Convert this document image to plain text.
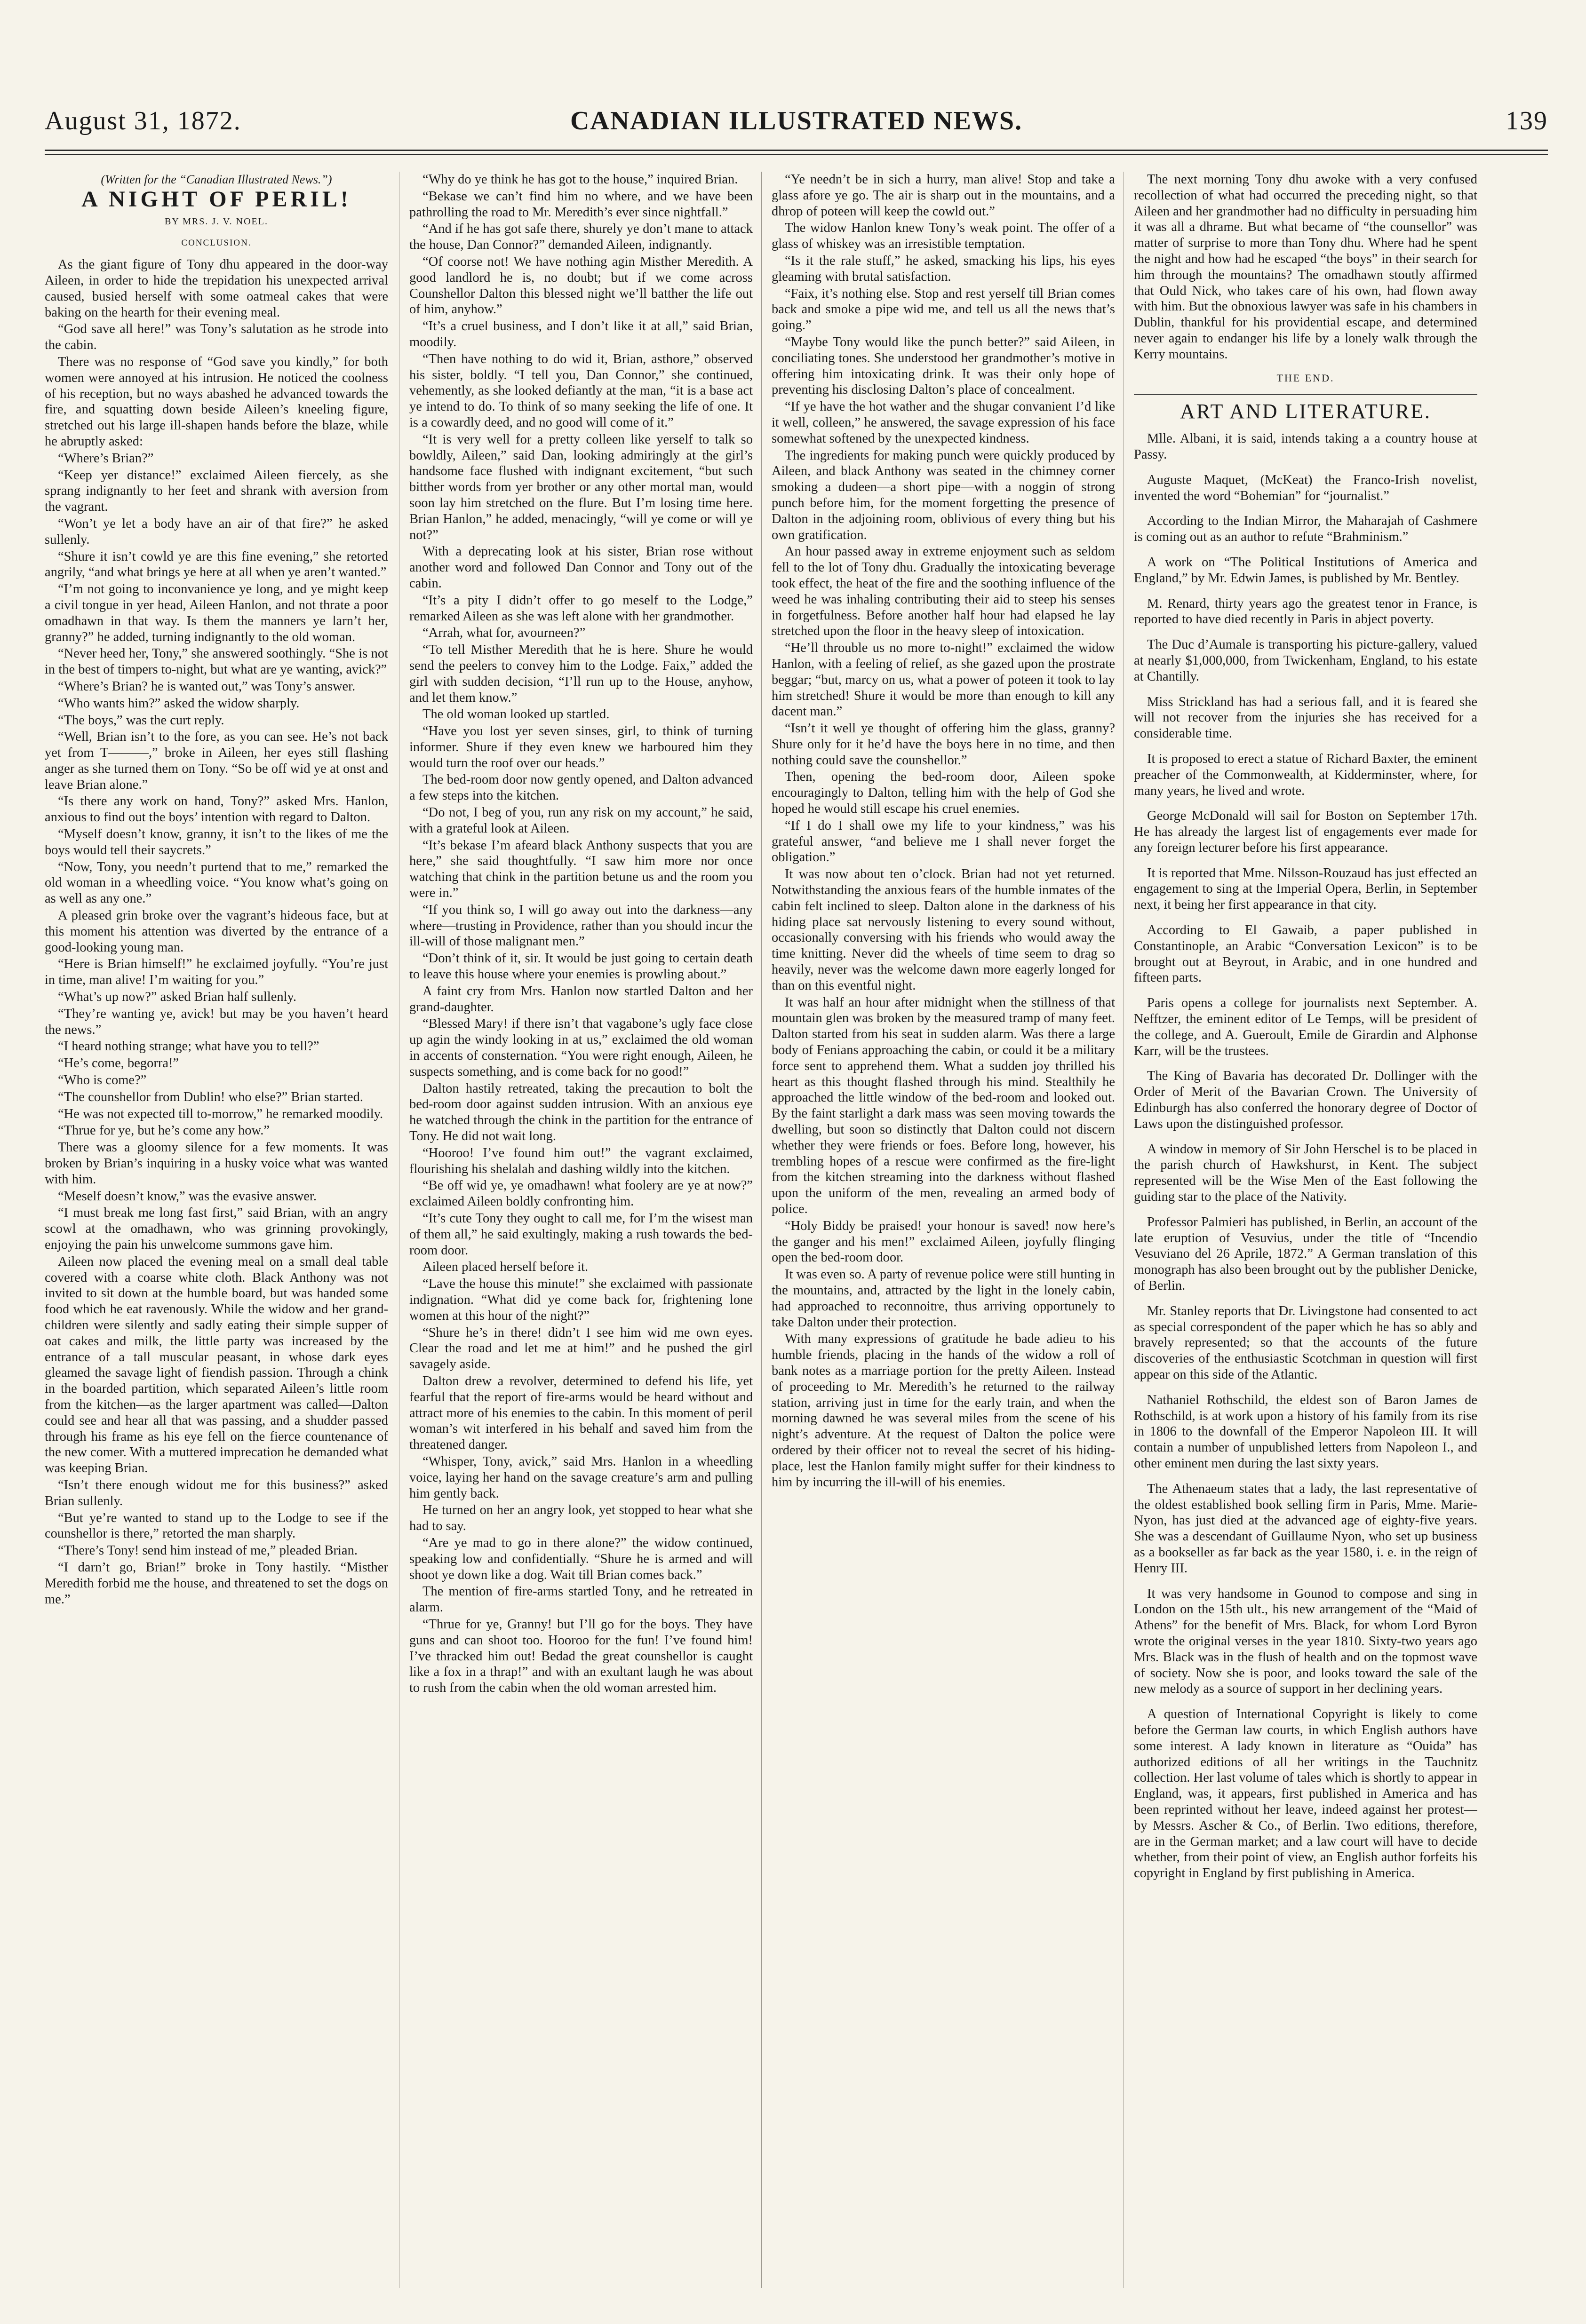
August 31, 1872.	CANADIAN ILLUSTRATED NEWS.	139
(Written for the “Canadian Illustrated News.”)
A NIGHT OF PERIL!
BY MRS. J. V. NOEL.
CONCLUSION.

As the giant figure of Tony dhu appeared in the door-way Aileen, in order to hide the trepidation his unexpected arrival caused, busied herself with some oatmeal cakes that were baking on the hearth for their evening meal.

“God save all here!” was Tony’s salutation as he strode into the cabin.

There was no response of “God save you kindly,” for both women were annoyed at his intrusion. He noticed the coolness of his reception, but no ways abashed he advanced towards the fire, and squatting down beside Aileen’s kneeling figure, stretched out his large ill-shapen hands before the blaze, while he abruptly asked:

“Where’s Brian?”

“Keep yer distance!” exclaimed Aileen fiercely, as she sprang indignantly to her feet and shrank with aversion from the vagrant.

“Won’t ye let a body have an air of that fire?” he asked sullenly.

“Shure it isn’t cowld ye are this fine evening,” she retorted angrily, “and what brings ye here at all when ye aren’t wanted.”

“I’m not going to inconvanience ye long, and ye might keep a civil tongue in yer head, Aileen Hanlon, and not thrate a poor omadhawn in that way. Is them the manners ye larn’t her, granny?” he added, turning indignantly to the old woman.

“Never heed her, Tony,” she answered soothingly. “She is not in the best of timpers to-night, but what are ye wanting, avick?”

“Where’s Brian? he is wanted out,” was Tony’s answer.

“Who wants him?” asked the widow sharply.

“The boys,” was the curt reply.

“Well, Brian isn’t to the fore, as you can see. He’s not back yet from T———,” broke in Aileen, her eyes still flashing anger as she turned them on Tony. “So be off wid ye at onst and leave Brian alone.”

“Is there any work on hand, Tony?” asked Mrs. Hanlon, anxious to find out the boys’ intention with regard to Dalton.

“Myself doesn’t know, granny, it isn’t to the likes of me the boys would tell their saycrets.”

“Now, Tony, you needn’t purtend that to me,” remarked the old woman in a wheedling voice. “You know what’s going on as well as any one.”

A pleased grin broke over the vagrant’s hideous face, but at this moment his attention was diverted by the entrance of a good-looking young man.

“Here is Brian himself!” he exclaimed joyfully. “You’re just in time, man alive! I’m waiting for you.”

“What’s up now?” asked Brian half sullenly.

“They’re wanting ye, avick! but may be you haven’t heard the news.”

“I heard nothing strange; what have you to tell?”

“He’s come, begorra!”

“Who is come?”

“The counshellor from Dublin! who else?” Brian started.

“He was not expected till to-morrow,” he remarked moodily.

“Thrue for ye, but he’s come any how.”

There was a gloomy silence for a few moments. It was broken by Brian’s inquiring in a husky voice what was wanted with him.

“Meself doesn’t know,” was the evasive answer.

“I must break me long fast first,” said Brian, with an angry scowl at the omadhawn, who was grinning provokingly, enjoying the pain his unwelcome summons gave him.

Aileen now placed the evening meal on a small deal table covered with a coarse white cloth. Black Anthony was not invited to sit down at the humble board, but was handed some food which he eat ravenously. While the widow and her grand-children were silently and sadly eating their simple supper of oat cakes and milk, the little party was increased by the entrance of a tall muscular peasant, in whose dark eyes gleamed the savage light of fiendish passion. Through a chink in the boarded partition, which separated Aileen’s little room from the kitchen—as the larger apartment was called—Dalton could see and hear all that was passing, and a shudder passed through his frame as his eye fell on the fierce countenance of the new comer. With a muttered imprecation he demanded what was keeping Brian.

“Isn’t there enough widout me for this business?” asked Brian sullenly.

“But ye’re wanted to stand up to the Lodge to see if the counshellor is there,” retorted the man sharply.

“There’s Tony! send him instead of me,” pleaded Brian.

“I darn’t go, Brian!” broke in Tony hastily. “Misther Meredith forbid me the house, and threatened to set the dogs on me.”

“Why do ye think he has got to the house,” inquired Brian.

“Bekase we can’t find him no where, and we have been pathrolling the road to Mr. Meredith’s ever since nightfall.”

“And if he has got safe there, shurely ye don’t mane to attack the house, Dan Connor?” demanded Aileen, indignantly.

“Of coorse not! We have nothing agin Misther Meredith. A good landlord he is, no doubt; but if we come across Counshellor Dalton this blessed night we’ll batther the life out of him, anyhow.”

“It’s a cruel business, and I don’t like it at all,” said Brian, moodily.

“Then have nothing to do wid it, Brian, asthore,” observed his sister, boldly. “I tell you, Dan Connor,” she continued, vehemently, as she looked defiantly at the man, “it is a base act ye intend to do. To think of so many seeking the life of one. It is a cowardly deed, and no good will come of it.”

“It is very well for a pretty colleen like yerself to talk so bowldly, Aileen,” said Dan, looking admiringly at the girl’s handsome face flushed with indignant excitement, “but such bitther words from yer brother or any other mortal man, would soon lay him stretched on the flure. But I’m losing time here. Brian Hanlon,” he added, menacingly, “will ye come or will ye not?”

With a deprecating look at his sister, Brian rose without another word and followed Dan Connor and Tony out of the cabin.

“It’s a pity I didn’t offer to go meself to the Lodge,” remarked Aileen as she was left alone with her grandmother.

“Arrah, what for, avourneen?”

“To tell Misther Meredith that he is here. Shure he would send the peelers to convey him to the Lodge. Faix,” added the girl with sudden decision, “I’ll run up to the House, anyhow, and let them know.”

The old woman looked up startled.

“Have you lost yer seven sinses, girl, to think of turning informer. Shure if they even knew we harboured him they would turn the roof over our heads.”

The bed-room door now gently opened, and Dalton advanced a few steps into the kitchen.

“Do not, I beg of you, run any risk on my account,” he said, with a grateful look at Aileen.

“It’s bekase I’m afeard black Anthony suspects that you are here,” she said thoughtfully. “I saw him more nor once watching that chink in the partition betune us and the room you were in.”

“If you think so, I will go away out into the darkness—any where—trusting in Providence, rather than you should incur the ill-will of those malignant men.”

“Don’t think of it, sir. It would be just going to certain death to leave this house where your enemies is prowling about.”

A faint cry from Mrs. Hanlon now startled Dalton and her grand-daughter.

“Blessed Mary! if there isn’t that vagabone’s ugly face close up agin the windy looking in at us,” exclaimed the old woman in accents of consternation. “You were right enough, Aileen, he suspects something, and is come back for no good!”

Dalton hastily retreated, taking the precaution to bolt the bed-room door against sudden intrusion. With an anxious eye he watched through the chink in the partition for the entrance of Tony. He did not wait long.

“Hooroo! I’ve found him out!” the vagrant exclaimed, flourishing his shelalah and dashing wildly into the kitchen.

“Be off wid ye, ye omadhawn! what foolery are ye at now?” exclaimed Aileen boldly confronting him.

“It’s cute Tony they ought to call me, for I’m the wisest man of them all,” he said exultingly, making a rush towards the bed-room door.

Aileen placed herself before it.

“Lave the house this minute!” she exclaimed with passionate indignation. “What did ye come back for, frightening lone women at this hour of the night?”

“Shure he’s in there! didn’t I see him wid me own eyes. Clear the road and let me at him!” and he pushed the girl savagely aside.

Dalton drew a revolver, determined to defend his life, yet fearful that the report of fire-arms would be heard without and attract more of his enemies to the cabin. In this moment of peril woman’s wit interfered in his behalf and saved him from the threatened danger.

“Whisper, Tony, avick,” said Mrs. Hanlon in a wheedling voice, laying her hand on the savage creature’s arm and pulling him gently back.

He turned on her an angry look, yet stopped to hear what she had to say.

“Are ye mad to go in there alone?” the widow continued, speaking low and confidentially. “Shure he is armed and will shoot ye down like a dog. Wait till Brian comes back.”

The mention of fire-arms startled Tony, and he retreated in alarm.

“Thrue for ye, Granny! but I’ll go for the boys. They have guns and can shoot too. Hooroo for the fun! I’ve found him! I’ve thracked him out! Bedad the great counshellor is caught like a fox in a thrap!” and with an exultant laugh he was about to rush from the cabin when the old woman arrested him.

“Ye needn’t be in sich a hurry, man alive! Stop and take a glass afore ye go. The air is sharp out in the mountains, and a dhrop of poteen will keep the cowld out.”

The widow Hanlon knew Tony’s weak point. The offer of a glass of whiskey was an irresistible temptation.

“Is it the rale stuff,” he asked, smacking his lips, his eyes gleaming with brutal satisfaction.

“Faix, it’s nothing else. Stop and rest yerself till Brian comes back and smoke a pipe wid me, and tell us all the news that’s going.”

“Maybe Tony would like the punch better?” said Aileen, in conciliating tones. She understood her grandmother’s motive in offering him intoxicating drink. It was their only hope of preventing his disclosing Dalton’s place of concealment.

“If ye have the hot wather and the shugar convanient I’d like it well, colleen,” he answered, the savage expression of his face somewhat softened by the unexpected kindness.

The ingredients for making punch were quickly produced by Aileen, and black Anthony was seated in the chimney corner smoking a dudeen—a short pipe—with a noggin of strong punch before him, for the moment forgetting the presence of Dalton in the adjoining room, oblivious of every thing but his own gratification.

An hour passed away in extreme enjoyment such as seldom fell to the lot of Tony dhu. Gradually the intoxicating beverage took effect, the heat of the fire and the soothing influence of the weed he was inhaling contributing their aid to steep his senses in forgetfulness. Before another half hour had elapsed he lay stretched upon the floor in the heavy sleep of intoxication.

“He’ll throuble us no more to-night!” exclaimed the widow Hanlon, with a feeling of relief, as she gazed upon the prostrate beggar; “but, marcy on us, what a power of poteen it took to lay him stretched! Shure it would be more than enough to kill any dacent man.”

“Isn’t it well ye thought of offering him the glass, granny? Shure only for it he’d have the boys here in no time, and then nothing could save the counshellor.”

Then, opening the bed-room door, Aileen spoke encouragingly to Dalton, telling him with the help of God she hoped he would still escape his cruel enemies.

“If I do I shall owe my life to your kindness,” was his grateful answer, “and believe me I shall never forget the obligation.”

It was now about ten o’clock. Brian had not yet returned. Notwithstanding the anxious fears of the humble inmates of the cabin felt inclined to sleep. Dalton alone in the darkness of his hiding place sat nervously listening to every sound without, occasionally conversing with his friends who would away the time knitting. Never did the wheels of time seem to drag so heavily, never was the welcome dawn more eagerly longed for than on this eventful night.

It was half an hour after midnight when the stillness of that mountain glen was broken by the measured tramp of many feet. Dalton started from his seat in sudden alarm. Was there a large body of Fenians approaching the cabin, or could it be a military force sent to apprehend them. What a sudden joy thrilled his heart as this thought flashed through his mind. Stealthily he approached the little window of the bed-room and looked out. By the faint starlight a dark mass was seen moving towards the dwelling, but soon so distinctly that Dalton could not discern whether they were friends or foes. Before long, however, his trembling hopes of a rescue were confirmed as the fire-light from the kitchen streaming into the darkness without flashed upon the uniform of the men, revealing an armed body of police.

“Holy Biddy be praised! your honour is saved! now here’s the ganger and his men!” exclaimed Aileen, joyfully flinging open the bed-room door.

It was even so. A party of revenue police were still hunting in the mountains, and, attracted by the light in the lonely cabin, had approached to reconnoitre, thus arriving opportunely to take Dalton under their protection.

With many expressions of gratitude he bade adieu to his humble friends, placing in the hands of the widow a roll of bank notes as a marriage portion for the pretty Aileen. Instead of proceeding to Mr. Meredith’s he returned to the railway station, arriving just in time for the early train, and when the morning dawned he was several miles from the scene of his night’s adventure. At the request of Dalton the police were ordered by their officer not to reveal the secret of his hiding-place, lest the Hanlon family might suffer for their kindness to him by incurring the ill-will of his enemies.

The next morning Tony dhu awoke with a very confused recollection of what had occurred the preceding night, so that Aileen and her grandmother had no difficulty in persuading him it was all a dhrame. But what became of “the counsellor” was matter of surprise to more than Tony dhu. Where had he spent the night and how had he escaped “the boys” in their search for him through the mountains? The omadhawn stoutly affirmed that Ould Nick, who takes care of his own, had flown away with him. But the obnoxious lawyer was safe in his chambers in Dublin, thankful for his providential escape, and determined never again to endanger his life by a lonely walk through the Kerry mountains.

THE END.
ART AND LITERATURE.

Mlle. Albani, it is said, intends taking a a country house at Passy.

Auguste Maquet, (McKeat) the Franco-Irish novelist, invented the word “Bohemian” for “journalist.”

According to the Indian Mirror, the Maharajah of Cashmere is coming out as an author to refute “Brahminism.”

A work on “The Political Institutions of America and England,” by Mr. Edwin James, is published by Mr. Bentley.

M. Renard, thirty years ago the greatest tenor in France, is reported to have died recently in Paris in abject poverty.

The Duc d’Aumale is transporting his picture-gallery, valued at nearly $1,000,000, from Twickenham, England, to his estate at Chantilly.

Miss Strickland has had a serious fall, and it is feared she will not recover from the injuries she has received for a considerable time.

It is proposed to erect a statue of Richard Baxter, the eminent preacher of the Commonwealth, at Kidderminster, where, for many years, he lived and wrote.

George McDonald will sail for Boston on September 17th. He has already the largest list of engagements ever made for any foreign lecturer before his first appearance.

It is reported that Mme. Nilsson-Rouzaud has just effected an engagement to sing at the Imperial Opera, Berlin, in September next, it being her first appearance in that city.

According to El Gawaib, a paper published in Constantinople, an Arabic “Conversation Lexicon” is to be brought out at Beyrout, in Arabic, and in one hundred and fifteen parts.

Paris opens a college for journalists next September. A. Nefftzer, the eminent editor of Le Temps, will be president of the college, and A. Gueroult, Emile de Girardin and Alphonse Karr, will be the trustees.

The King of Bavaria has decorated Dr. Dollinger with the Order of Merit of the Bavarian Crown. The University of Edinburgh has also conferred the honorary degree of Doctor of Laws upon the distinguished professor.

A window in memory of Sir John Herschel is to be placed in the parish church of Hawkshurst, in Kent. The subject represented will be the Wise Men of the East following the guiding star to the place of the Nativity.

Professor Palmieri has published, in Berlin, an account of the late eruption of Vesuvius, under the title of “Incendio Vesuviano del 26 Aprile, 1872.” A German translation of this monograph has also been brought out by the publisher Denicke, of Berlin.

Mr. Stanley reports that Dr. Livingstone had consented to act as special correspondent of the paper which he has so ably and bravely represented; so that the accounts of the future discoveries of the enthusiastic Scotchman in question will first appear on this side of the Atlantic.

Nathaniel Rothschild, the eldest son of Baron James de Rothschild, is at work upon a history of his family from its rise in 1806 to the downfall of the Emperor Napoleon III. It will contain a number of unpublished letters from Napoleon I., and other eminent men during the last sixty years.

The Athenaeum states that a lady, the last representative of the oldest established book selling firm in Paris, Mme. Marie-Nyon, has just died at the advanced age of eighty-five years. She was a descendant of Guillaume Nyon, who set up business as a bookseller as far back as the year 1580, i. e. in the reign of Henry III.

It was very handsome in Gounod to compose and sing in London on the 15th ult., his new arrangement of the “Maid of Athens” for the benefit of Mrs. Black, for whom Lord Byron wrote the original verses in the year 1810. Sixty-two years ago Mrs. Black was in the flush of health and on the topmost wave of society. Now she is poor, and looks toward the sale of the new melody as a source of support in her declining years.

A question of International Copyright is likely to come before the German law courts, in which English authors have some interest. A lady known in literature as “Ouida” has authorized editions of all her writings in the Tauchnitz collection. Her last volume of tales which is shortly to appear in England, was, it appears, first published in America and has been reprinted without her leave, indeed against her protest—by Messrs. Ascher & Co., of Berlin. Two editions, therefore, are in the German market; and a law court will have to decide whether, from their point of view, an English author forfeits his copyright in England by first publishing in America.
